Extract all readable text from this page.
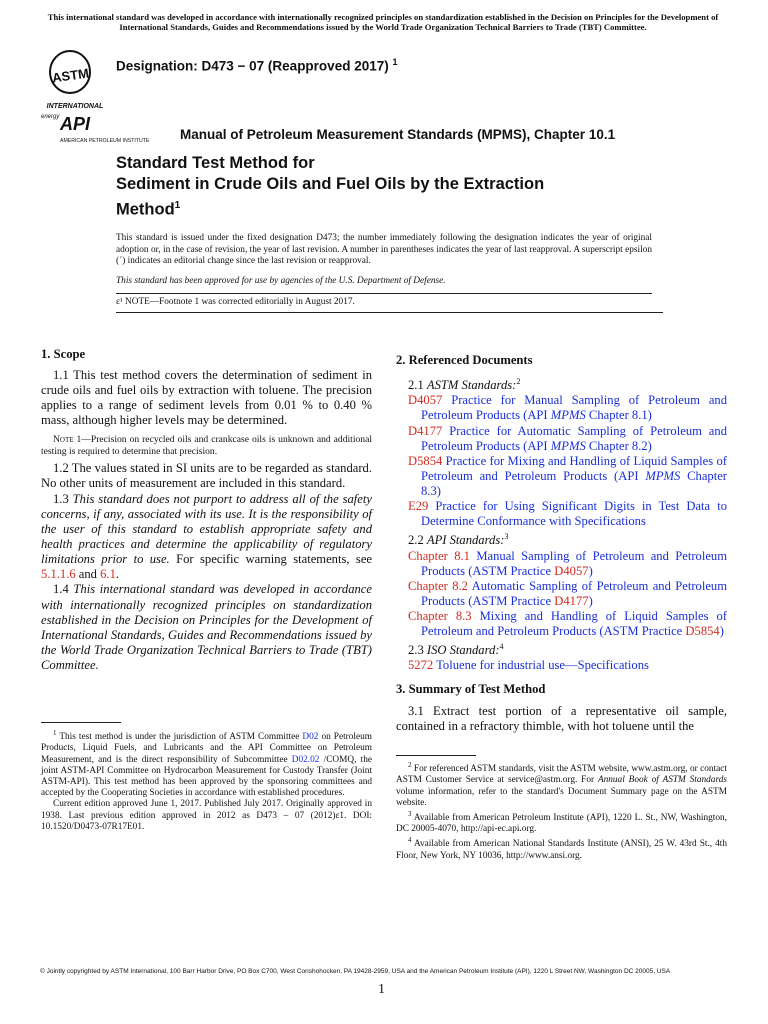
This international standard was developed in accordance with internationally recognized principles on standardization established in the Decision on Principles for the Development of International Standards, Guides and Recommendations issued by the World Trade Organization Technical Barriers to Trade (TBT) Committee.
ASTM
INTERNATIONAL
energy API
AMERICAN PETROLEUM INSTITUTE
Designation: D473 − 07 (Reapproved 2017) $^1$
Manual of Petroleum Measurement Standards (MPMS), Chapter 10.1
Standard Test Method for
Sediment in Crude Oils and Fuel Oils by the Extraction
Method$^1$
This standard is issued under the fixed designation D473; the number immediately following the designation indicates the year of original adoption or, in the case of revision, the year of last revision. A number in parentheses indicates the year of last reapproval. A superscript epsilon (´) indicates an editorial change since the last revision or reapproval.
This standard has been approved for use by agencies of the U.S. Department of Defense.
ε¹ NOTE—Footnote 1 was corrected editorially in August 2017.

1. Scope

1.1 This test method covers the determination of sediment in crude oils and fuel oils by extraction with toluene. The precision applies to a range of sediment levels from 0.01 % to 0.40 % mass, although higher levels may be determined.

Note 1—Precision on recycled oils and crankcase oils is unknown and additional testing is required to determine that precision.

1.2 The values stated in SI units are to be regarded as standard. No other units of measurement are included in this standard.

1.3 This standard does not purport to address all of the safety concerns, if any, associated with its use. It is the responsibility of the user of this standard to establish appropriate safety and health practices and determine the applicability of regulatory limitations prior to use. For specific warning statements, see 5.1.1.6 and 6.1.

1.4 This international standard was developed in accordance with internationally recognized principles on standardization established in the Decision on Principles for the Development of International Standards, Guides and Recommendations issued by the World Trade Organization Technical Barriers to Trade (TBT) Committee.

$^1$ This test method is under the jurisdiction of ASTM Committee D02 on Petroleum Products, Liquid Fuels, and Lubricants and the API Committee on Petroleum Measurement, and is the direct responsibility of Subcommittee D02.02 /COMQ, the joint ASTM-API Committee on Hydrocarbon Measurement for Custody Transfer (Joint ASTM-API). This test method has been approved by the sponsoring committees and accepted by the Cooperating Societies in accordance with established procedures.

Current edition approved June 1, 2017. Published July 2017. Originally approved in 1938. Last previous edition approved in 2012 as D473 – 07 (2012)ε1. DOI: 10.1520/D0473-07R17E01.

2. Referenced Documents

2.1 ASTM Standards:$^2$

D4057 Practice for Manual Sampling of Petroleum and Petroleum Products (API MPMS Chapter 8.1)

D4177 Practice for Automatic Sampling of Petroleum and Petroleum Products (API MPMS Chapter 8.2)

D5854 Practice for Mixing and Handling of Liquid Samples of Petroleum and Petroleum Products (API MPMS Chapter 8.3)

E29 Practice for Using Significant Digits in Test Data to Determine Conformance with Specifications

2.2 API Standards:$^3$

Chapter 8.1 Manual Sampling of Petroleum and Petroleum Products (ASTM Practice D4057)

Chapter 8.2 Automatic Sampling of Petroleum and Petroleum Products (ASTM Practice D4177)

Chapter 8.3 Mixing and Handling of Liquid Samples of Petroleum and Petroleum Products (ASTM Practice D5854)

2.3 ISO Standard:$^4$

5272 Toluene for industrial use—Specifications

3. Summary of Test Method

3.1 Extract test portion of a representative oil sample, contained in a refractory thimble, with hot toluene until the

$^2$ For referenced ASTM standards, visit the ASTM website, www.astm.org, or contact ASTM Customer Service at service@astm.org. For Annual Book of ASTM Standards volume information, refer to the standard's Document Summary page on the ASTM website.

$^3$ Available from American Petroleum Institute (API), 1220 L. St., NW, Washington, DC 20005-4070, http://api-ec.api.org.

$^4$ Available from American National Standards Institute (ANSI), 25 W. 43rd St., 4th Floor, New York, NY 10036, http://www.ansi.org.

© Jointly copyrighted by ASTM International, 100 Barr Harbor Drive, PO Box C700, West Conshohocken, PA 19428-2959, USA and the American Petroleum Institute (API), 1220 L Street NW, Washington DC 20005, USA
1
